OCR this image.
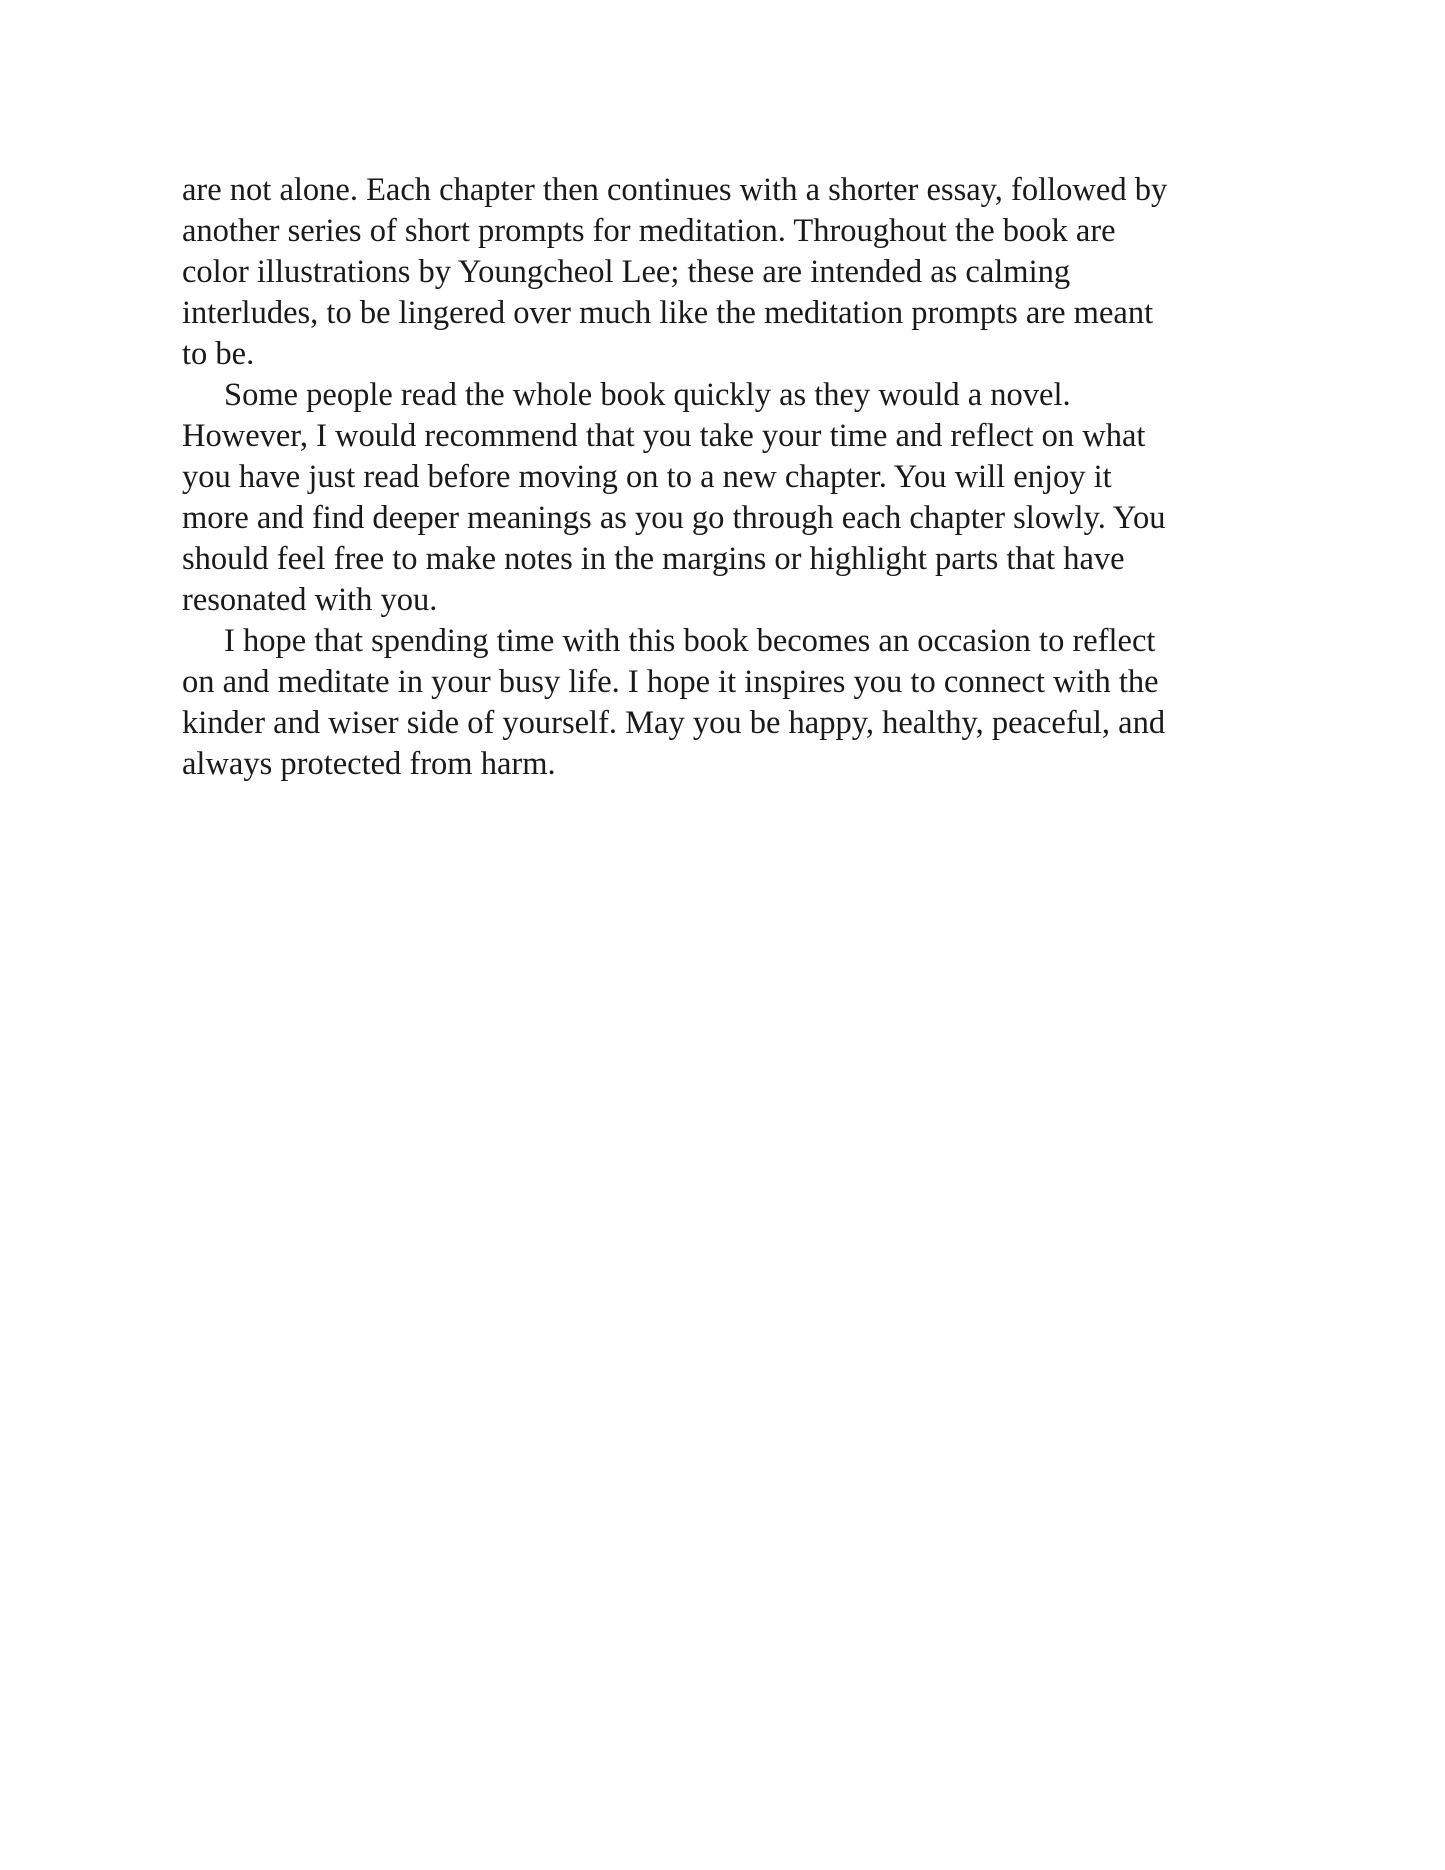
are not alone. Each chapter then continues with a shorter essay, followed by
another series of short prompts for meditation. Throughout the book are
color illustrations by Youngcheol Lee; these are intended as calming
interludes, to be lingered over much like the meditation prompts are meant
to be.
Some people read the whole book quickly as they would a novel.
However, I would recommend that you take your time and reflect on what
you have just read before moving on to a new chapter. You will enjoy it
more and find deeper meanings as you go through each chapter slowly. You
should feel free to make notes in the margins or highlight parts that have
resonated with you.
I hope that spending time with this book becomes an occasion to reflect
on and meditate in your busy life. I hope it inspires you to connect with the
kinder and wiser side of yourself. May you be happy, healthy, peaceful, and
always protected from harm.
